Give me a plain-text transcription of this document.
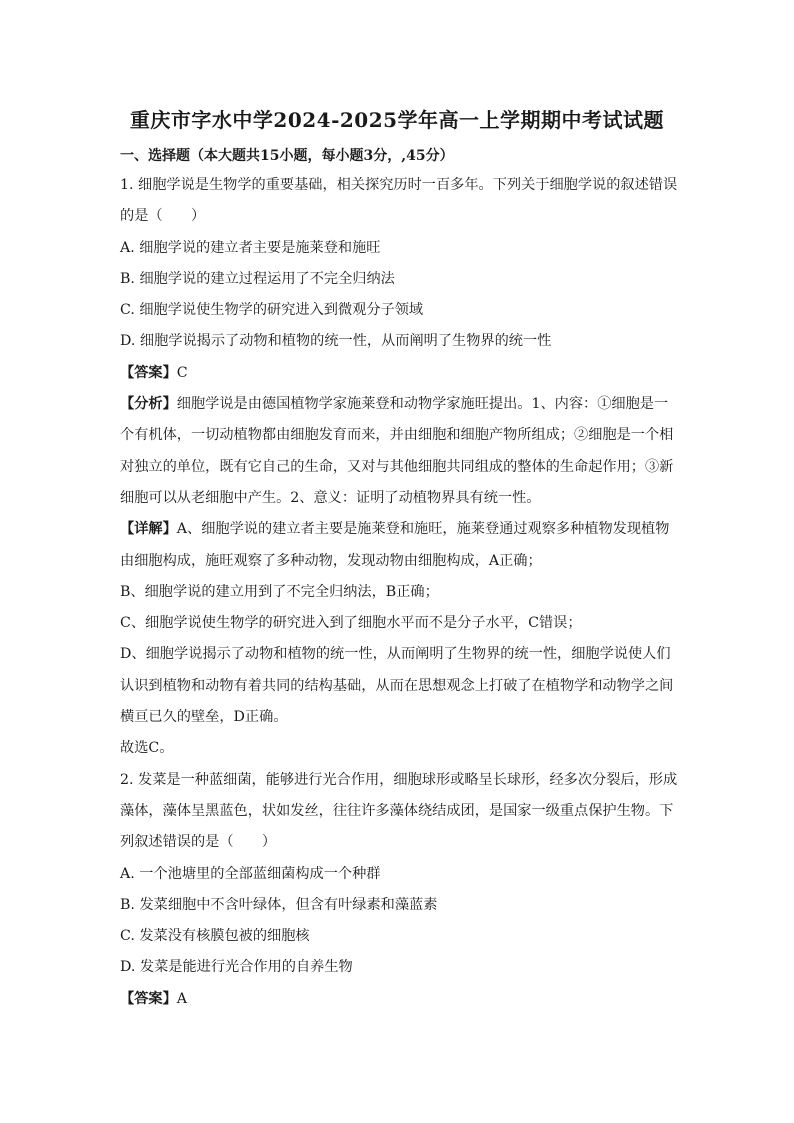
重庆市字水中学2024-2025学年高一上学期期中考试试题
一、选择题（本大题共15小题，每小题3分，,45分）

1. 细胞学说是生物学的重要基础，相关探究历时一百多年。下列关于细胞学说的叙述错误的是（　　）

A. 细胞学说的建立者主要是施莱登和施旺

B. 细胞学说的建立过程运用了不完全归纳法

C. 细胞学说使生物学的研究进入到微观分子领域

D. 细胞学说揭示了动物和植物的统一性，从而阐明了生物界的统一性

【答案】C

【分析】细胞学说是由德国植物学家施莱登和动物学家施旺提出。1、内容：①细胞是一个有机体，一切动植物都由细胞发育而来，并由细胞和细胞产物所组成；②细胞是一个相对独立的单位，既有它自己的生命，又对与其他细胞共同组成的整体的生命起作用；③新细胞可以从老细胞中产生。2、意义：证明了动植物界具有统一性。

【详解】A、细胞学说的建立者主要是施莱登和施旺，施莱登通过观察多种植物发现植物由细胞构成，施旺观察了多种动物，发现动物由细胞构成，A正确；

B、细胞学说的建立用到了不完全归纳法，B正确；

C、细胞学说使生物学的研究进入到了细胞水平而不是分子水平，C错误；

D、细胞学说揭示了动物和植物的统一性，从而阐明了生物界的统一性，细胞学说使人们认识到植物和动物有着共同的结构基础，从而在思想观念上打破了在植物学和动物学之间横亘已久的壁垒，D正确。

故选C。

2. 发菜是一种蓝细菌，能够进行光合作用，细胞球形或略呈长球形，经多次分裂后，形成藻体，藻体呈黑蓝色，状如发丝，往往许多藻体绕结成团，是国家一级重点保护生物。下列叙述错误的是（　　）

A. 一个池塘里的全部蓝细菌构成一个种群

B. 发菜细胞中不含叶绿体，但含有叶绿素和藻蓝素

C. 发菜没有核膜包被的细胞核

D. 发菜是能进行光合作用的自养生物

【答案】A
